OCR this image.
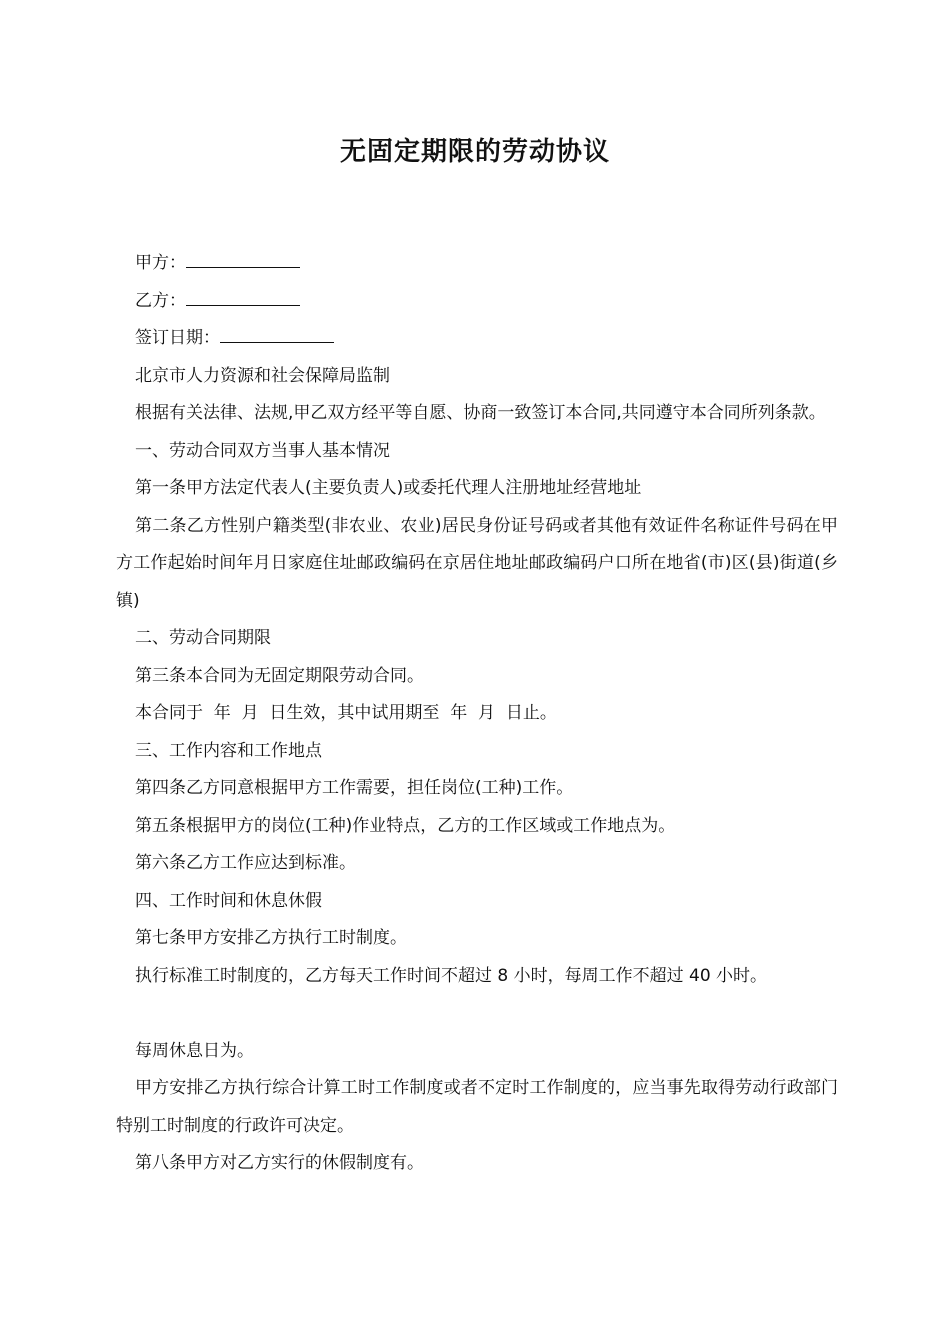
无固定期限的劳动协议

甲方：

乙方：

签订日期：

北京市人力资源和社会保障局监制

根据有关法律、法规,甲乙双方经平等自愿、协商一致签订本合同,共同遵守本合同所列条款。

一、劳动合同双方当事人基本情况

第一条甲方法定代表人(主要负责人)或委托代理人注册地址经营地址

第二条乙方性别户籍类型(非农业、农业)居民身份证号码或者其他有效证件名称证件号码在甲方工作起始时间年月日家庭住址邮政编码在京居住地址邮政编码户口所在地省(市)区(县)街道(乡镇)

二、劳动合同期限

第三条本合同为无固定期限劳动合同。

本合同于  年  月  日生效，其中试用期至  年  月  日止。

三、工作内容和工作地点

第四条乙方同意根据甲方工作需要，担任岗位(工种)工作。

第五条根据甲方的岗位(工种)作业特点，乙方的工作区域或工作地点为。

第六条乙方工作应达到标准。

四、工作时间和休息休假

第七条甲方安排乙方执行工时制度。

执行标准工时制度的，乙方每天工作时间不超过 8 小时，每周工作不超过 40 小时。

每周休息日为。

甲方安排乙方执行综合计算工时工作制度或者不定时工作制度的，应当事先取得劳动行政部门特别工时制度的行政许可决定。

第八条甲方对乙方实行的休假制度有。
